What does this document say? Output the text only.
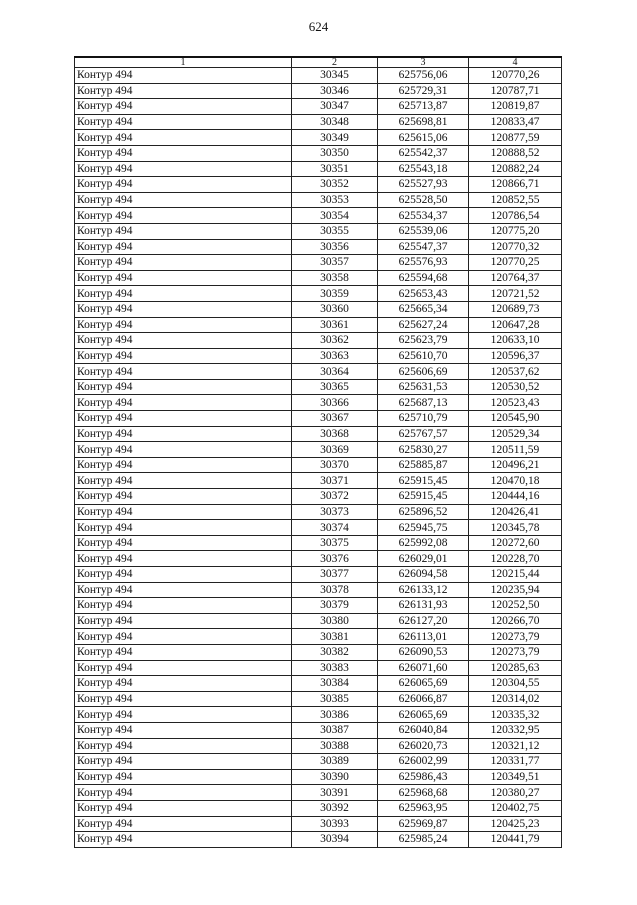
624
1	2	3	4
Контур 494	30345	625756,06	120770,26
Контур 494	30346	625729,31	120787,71
Контур 494	30347	625713,87	120819,87
Контур 494	30348	625698,81	120833,47
Контур 494	30349	625615,06	120877,59
Контур 494	30350	625542,37	120888,52
Контур 494	30351	625543,18	120882,24
Контур 494	30352	625527,93	120866,71
Контур 494	30353	625528,50	120852,55
Контур 494	30354	625534,37	120786,54
Контур 494	30355	625539,06	120775,20
Контур 494	30356	625547,37	120770,32
Контур 494	30357	625576,93	120770,25
Контур 494	30358	625594,68	120764,37
Контур 494	30359	625653,43	120721,52
Контур 494	30360	625665,34	120689,73
Контур 494	30361	625627,24	120647,28
Контур 494	30362	625623,79	120633,10
Контур 494	30363	625610,70	120596,37
Контур 494	30364	625606,69	120537,62
Контур 494	30365	625631,53	120530,52
Контур 494	30366	625687,13	120523,43
Контур 494	30367	625710,79	120545,90
Контур 494	30368	625767,57	120529,34
Контур 494	30369	625830,27	120511,59
Контур 494	30370	625885,87	120496,21
Контур 494	30371	625915,45	120470,18
Контур 494	30372	625915,45	120444,16
Контур 494	30373	625896,52	120426,41
Контур 494	30374	625945,75	120345,78
Контур 494	30375	625992,08	120272,60
Контур 494	30376	626029,01	120228,70
Контур 494	30377	626094,58	120215,44
Контур 494	30378	626133,12	120235,94
Контур 494	30379	626131,93	120252,50
Контур 494	30380	626127,20	120266,70
Контур 494	30381	626113,01	120273,79
Контур 494	30382	626090,53	120273,79
Контур 494	30383	626071,60	120285,63
Контур 494	30384	626065,69	120304,55
Контур 494	30385	626066,87	120314,02
Контур 494	30386	626065,69	120335,32
Контур 494	30387	626040,84	120332,95
Контур 494	30388	626020,73	120321,12
Контур 494	30389	626002,99	120331,77
Контур 494	30390	625986,43	120349,51
Контур 494	30391	625968,68	120380,27
Контур 494	30392	625963,95	120402,75
Контур 494	30393	625969,87	120425,23
Контур 494	30394	625985,24	120441,79
